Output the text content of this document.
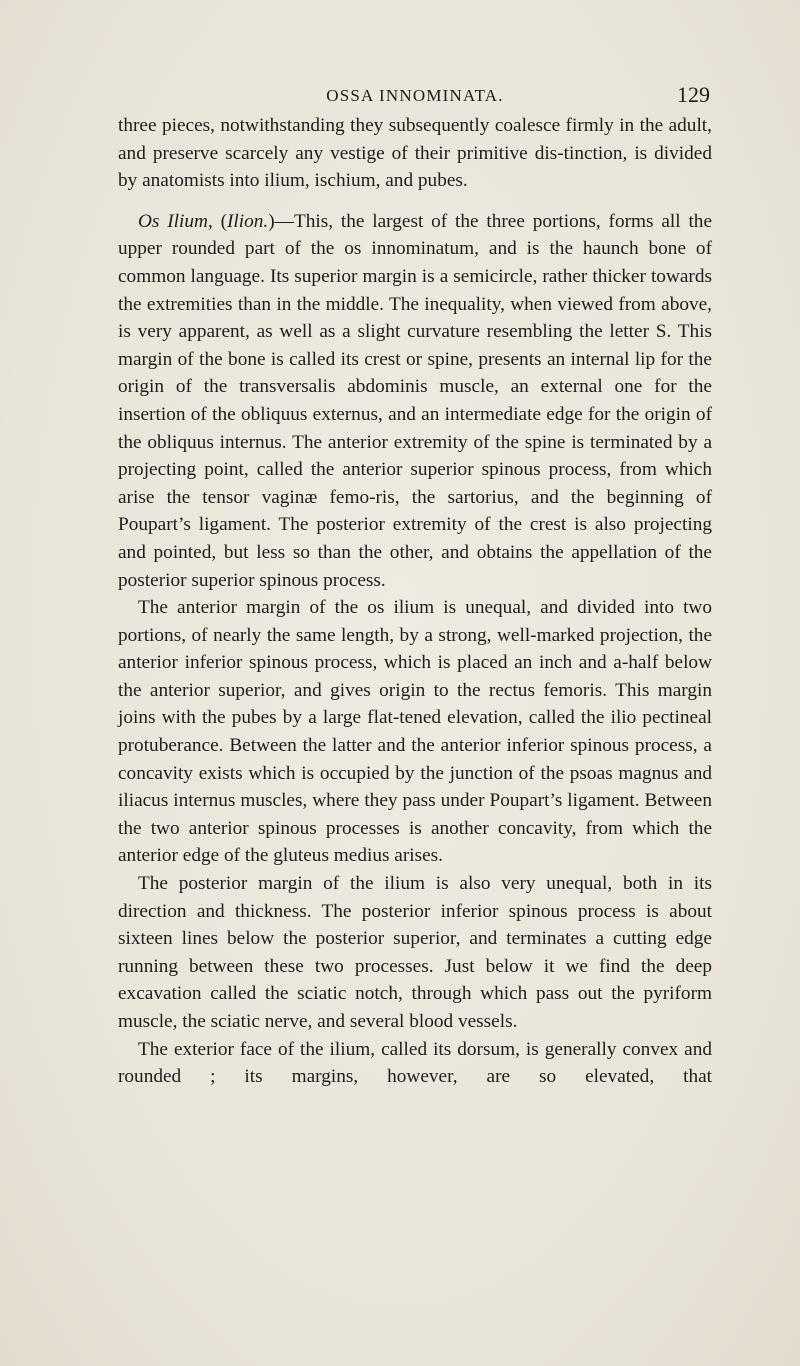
OSSA INNOMINATA.	129

three pieces, notwithstanding they subsequently coalesce firmly in the adult, and preserve scarcely any vestige of their primitive dis-tinction, is divided by anatomists into ilium, ischium, and pubes.

Os Ilium, (Ilion.)—This, the largest of the three portions, forms all the upper rounded part of the os innominatum, and is the haunch bone of common language. Its superior margin is a semicircle, rather thicker towards the extremities than in the middle. The inequality, when viewed from above, is very apparent, as well as a slight curvature resembling the letter S. This margin of the bone is called its crest or spine, presents an internal lip for the origin of the transversalis abdominis muscle, an external one for the insertion of the obliquus externus, and an intermediate edge for the origin of the obliquus internus. The anterior extremity of the spine is terminated by a projecting point, called the anterior superior spinous process, from which arise the tensor vaginæ femo-ris, the sartorius, and the beginning of Poupart’s ligament. The posterior extremity of the crest is also projecting and pointed, but less so than the other, and obtains the appellation of the posterior superior spinous process.

The anterior margin of the os ilium is unequal, and divided into two portions, of nearly the same length, by a strong, well-marked projection, the anterior inferior spinous process, which is placed an inch and a-half below the anterior superior, and gives origin to the rectus femoris. This margin joins with the pubes by a large flat-tened elevation, called the ilio pectineal protuberance. Between the latter and the anterior inferior spinous process, a concavity exists which is occupied by the junction of the psoas magnus and iliacus internus muscles, where they pass under Poupart’s ligament. Between the two anterior spinous processes is another concavity, from which the anterior edge of the gluteus medius arises.

The posterior margin of the ilium is also very unequal, both in its direction and thickness. The posterior inferior spinous process is about sixteen lines below the posterior superior, and terminates a cutting edge running between these two processes. Just below it we find the deep excavation called the sciatic notch, through which pass out the pyriform muscle, the sciatic nerve, and several blood vessels.

The exterior face of the ilium, called its dorsum, is generally convex and rounded ; its margins, however, are so elevated, that
